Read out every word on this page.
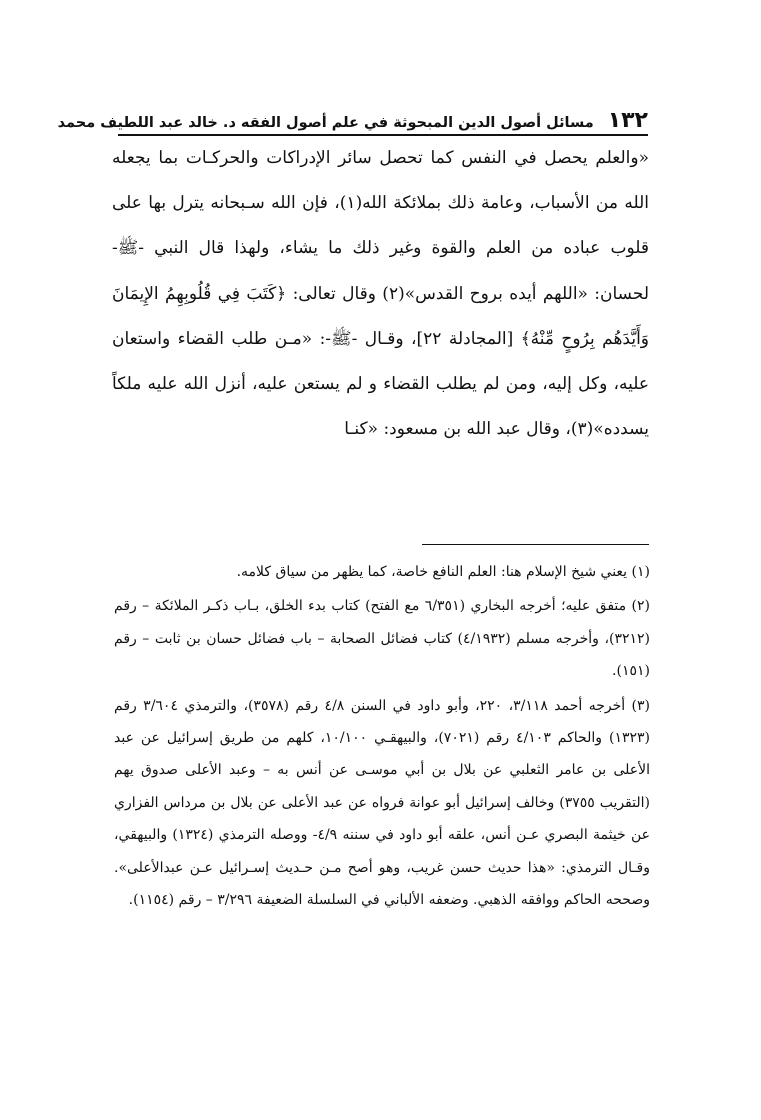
١٣٢
مسائل أصول الدين المبحوثة في علم أصول الفقه د. خالد عبد اللطيف محمد

«والعلم يحصل في النفس كما تحصل سائر الإدراكات والحركـات بما يجعله الله من الأسباب، وعامة ذلك بملائكة الله(١)، فإن الله سـبحانه يترل بها على قلوب عباده من العلم والقوة وغير ذلك ما يشاء، ولهذا قال النبي -ﷺ- لحسان: «اللهم أيده بروح القدس»(٢) وقال تعالى: ﴿كَتَبَ فِي قُلُوبِهِمُ الإِيمَانَ وَأَيَّدَهُم بِرُوحٍ مِّنْهُ﴾ [المجادلة ٢٢]، وقـال -ﷺ-: «مـن طلب القضاء واستعان عليه، وكل إليه، ومن لم يطلب القضاء و لم يستعن عليه، أنزل الله عليه ملكاً يسدده»(٣)، وقال عبد الله بن مسعود: «كنـا

(١) يعني شيخ الإسلام هنا: العلم النافع خاصة، كما يظهر من سياق كلامه.

(٢) متفق عليه؛ أخرجه البخاري (٦/٣٥١ مع الفتح) كتاب بدء الخلق، بـاب ذكـر الملائكة – رقم (٣٢١٢)، وأخرجه مسلم (٤/١٩٣٢) كتاب فضائل الصحابة – باب فضائل حسان بن ثابت – رقم (١٥١).

(٣) أخرجه أحمد ٣/١١٨، ٢٢٠، وأبو داود في السنن ٤/٨ رقم (٣٥٧٨)، والترمذي ٣/٦٠٤ رقم (١٣٢٣) والحاكم ٤/١٠٣ رقم (٧٠٢١)، والبيهقـي ١٠/١٠٠، كلهم من طريق إسرائيل عن عبد الأعلى بن عامر الثعلبي عن بلال بن أبي موسـى عن أنس به – وعبد الأعلى صدوق يهم (التقريب ٣٧٥٥) وخالف إسرائيل أبو عوانة فرواه عن عبد الأعلى عن بلال بن مرداس الفزاري عن خيثمة البصري عـن أنس، علقه أبو داود في سننه ٤/٩- ووصله الترمذي (١٣٢٤) والبيهقي، وقـال الترمذي: «هذا حديث حسن غريب، وهو أصح مـن حـديث إسـرائيل عـن عبدالأعلى». وصححه الحاكم ووافقه الذهبي. وضعفه الألباني في السلسلة الضعيفة ٣/٢٩٦ – رقم (١١٥٤).
